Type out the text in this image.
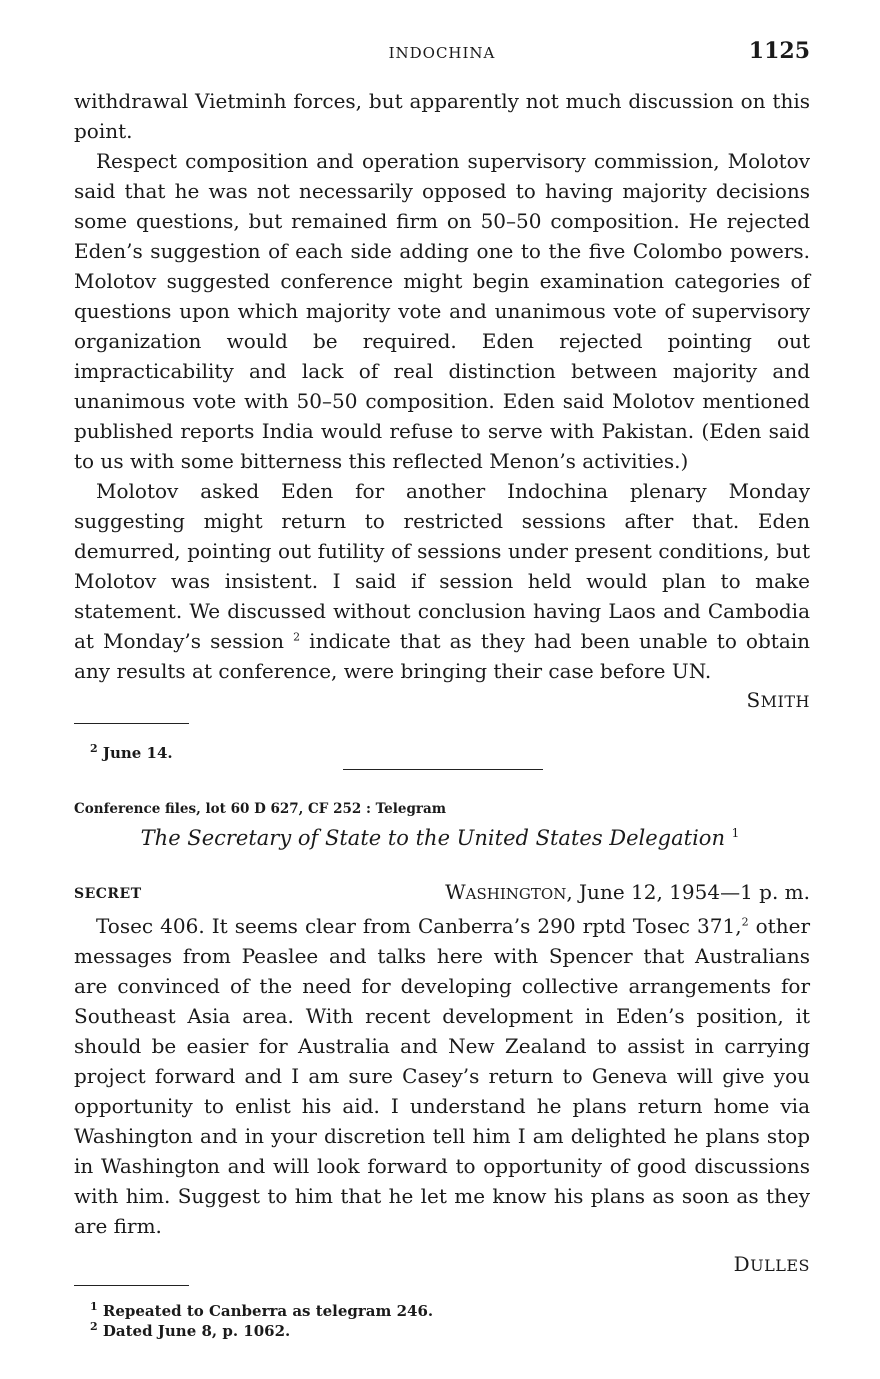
INDOCHINA	1125

withdrawal Vietminh forces, but apparently not much discussion on this point.

Respect composition and operation supervisory commission, Molotov said that he was not necessarily opposed to having majority decisions some questions, but remained firm on 50–50 composition. He rejected Eden’s suggestion of each side adding one to the five Colombo powers. Molotov suggested conference might begin examination categories of questions upon which majority vote and unanimous vote of supervisory organization would be required. Eden rejected pointing out impracticability and lack of real distinction between majority and unanimous vote with 50–50 composition. Eden said Molotov mentioned published reports India would refuse to serve with Pakistan. (Eden said to us with some bitterness this reflected Menon’s activities.)

Molotov asked Eden for another Indochina plenary Monday suggesting might return to restricted sessions after that. Eden demurred, pointing out futility of sessions under present conditions, but Molotov was insistent. I said if session held would plan to make statement. We discussed without conclusion having Laos and Cambodia at Monday’s session $^2$ indicate that as they had been unable to obtain any results at conference, were bringing their case before UN.

SMITH
$^2$ June 14.
Conference files, lot 60 D 627, CF 252 : Telegram
The Secretary of State to the United States Delegation $^1$
SECRET	WASHINGTON, June 12, 1954—1 p. m.

Tosec 406. It seems clear from Canberra’s 290 rptd Tosec 371,$^2$ other messages from Peaslee and talks here with Spencer that Australians are convinced of the need for developing collective arrangements for Southeast Asia area. With recent development in Eden’s position, it should be easier for Australia and New Zealand to assist in carrying project forward and I am sure Casey’s return to Geneva will give you opportunity to enlist his aid. I understand he plans return home via Washington and in your discretion tell him I am delighted he plans stop in Washington and will look forward to opportunity of good discussions with him. Suggest to him that he let me know his plans as soon as they are firm.

DULLES
$^1$ Repeated to Canberra as telegram 246.
$^2$ Dated June 8, p. 1062.
